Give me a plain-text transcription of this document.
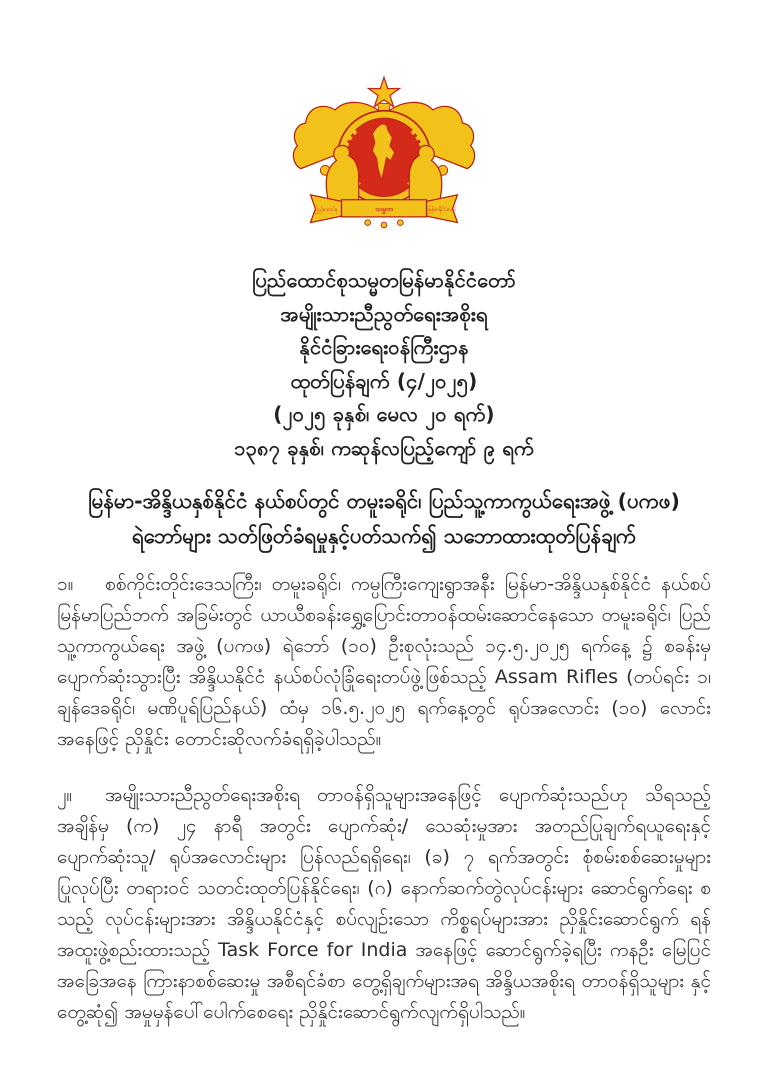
ပြည်ထောင်စု	သမ္မတ	မြန်မာနိုင်ငံတော်
ပြည်ထောင်စုသမ္မတမြန်မာနိုင်ငံတော်
အမျိုးသားညီညွတ်ရေးအစိုးရ
နိုင်ငံခြားရေးဝန်ကြီးဌာန
ထုတ်ပြန်ချက် (၄/၂၀၂၅)
(၂၀၂၅ ခုနှစ်၊ မေလ ၂၀ ရက်)
၁၃၈၇ ခုနှစ်၊ ကဆုန်လပြည့်ကျော် ၉ ရက်
မြန်မာ-အိန္ဒိယနှစ်နိုင်ငံ နယ်စပ်တွင် တမူးခရိုင်၊ ပြည်သူ့ကာကွယ်ရေးအဖွဲ့ (ပကဖ)
ရဲဘော်များ သတ်ဖြတ်ခံရမှုနှင့်ပတ်သက်၍ သဘောထားထုတ်ပြန်ချက်

၁။ စစ်ကိုင်းတိုင်းဒေသကြီး၊ တမူးခရိုင်၊ ကမ္ပကြီးကျေးရွာအနီး မြန်မာ-အိန္ဒိယနှစ်နိုင်ငံ နယ်စပ် မြန်မာပြည်ဘက် အခြမ်းတွင် ယာယီစခန်းရွှေ့ပြောင်းတာဝန်ထမ်းဆောင်နေသော တမူးခရိုင်၊ ပြည်သူ့ကာကွယ်ရေး အဖွဲ့ (ပကဖ) ရဲဘော် (၁၀) ဦးစုလုံးသည် ၁၄.၅.၂၀၂၅ ရက်နေ့ ၌ စခန်းမှ ပျောက်ဆုံးသွားပြီး အိန္ဒိယနိုင်ငံ နယ်စပ်လုံခြုံရေးတပ်ဖွဲ့ဖြစ်သည့် Assam Rifles (တပ်ရင်း ၁၊ ချန်ဒေခရိုင်၊ မဏိပူရ်ပြည်နယ်) ထံမှ ၁၆.၅.၂၀၂၅ ရက်နေ့တွင် ရုပ်အလောင်း (၁၀) လောင်း အနေဖြင့် ညှိနှိုင်း တောင်းဆိုလက်ခံရရှိခဲ့ပါသည်။

၂။ အမျိုးသားညီညွတ်ရေးအစိုးရ တာဝန်ရှိသူများအနေဖြင့် ပျောက်ဆုံးသည်ဟု သိရသည့် အချိန်မှ (က) ၂၄ နာရီ အတွင်း ပျောက်ဆုံး/ သေဆုံးမှုအား အတည်ပြုချက်ရယူရေးနှင့် ပျောက်ဆုံးသူ/ ရုပ်အလောင်းများ ပြန်လည်ရရှိရေး၊ (ခ) ၇ ရက်အတွင်း စုံစမ်းစစ်ဆေးမှုများ ပြုလုပ်ပြီး တရားဝင် သတင်းထုတ်ပြန်နိုင်ရေး၊ (ဂ) နောက်ဆက်တွဲလုပ်ငန်းများ ဆောင်ရွက်ရေး စသည့် လုပ်ငန်းများအား အိန္ဒိယနိုင်ငံနှင့် စပ်လျဉ်းသော ကိစ္စရပ်များအား ညှိနှိုင်းဆောင်ရွက် ရန် အထူးဖွဲ့စည်းထားသည့် Task Force for India အနေဖြင့် ဆောင်ရွက်ခဲ့ရပြီး ကနဦး မြေပြင် အခြေအနေ ကြားနာစစ်ဆေးမှု အစီရင်ခံစာ တွေ့ရှိချက်များအရ အိန္ဒိယအစိုးရ တာဝန်ရှိသူများ နှင့် တွေ့ဆုံ၍ အမှုမှန်ပေါ်ပေါက်စေရေး ညှိနှိုင်းဆောင်ရွက်လျက်ရှိပါသည်။
